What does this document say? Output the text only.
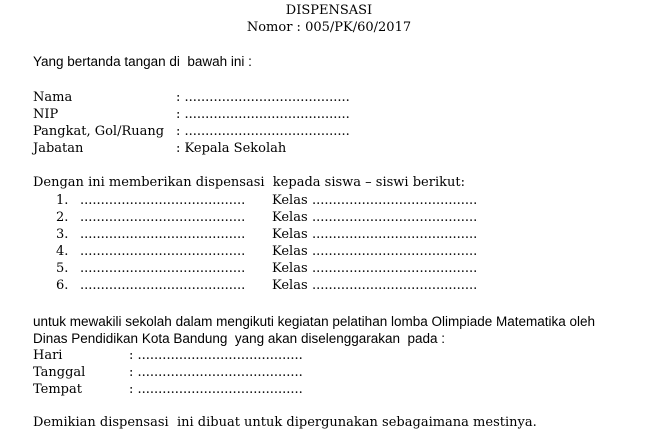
DISPENSASI
Nomor : 005/PK/60/2017
Yang bertanda tangan di  bawah ini :
Nama	: ........................................
NIP	: ........................................
Pangkat, Gol/Ruang : ........................................
Jabatan	: Kepala Sekolah
Dengan ini memberikan dispensasi  kepada siswa – siswi berikut:
1. ........................................ Kelas ........................................
2. ........................................ Kelas ........................................
3. ........................................ Kelas ........................................
4. ........................................ Kelas ........................................
5. ........................................ Kelas ........................................
6. ........................................ Kelas ........................................
untuk mewakili sekolah dalam mengikuti kegiatan pelatihan lomba Olimpiade Matematika oleh
Dinas Pendidikan Kota Bandung  yang akan diselenggarakan  pada :
Hari	: ........................................
Tanggal	: ........................................
Tempat	: ........................................
Demikian dispensasi  ini dibuat untuk dipergunakan sebagaimana mestinya.
